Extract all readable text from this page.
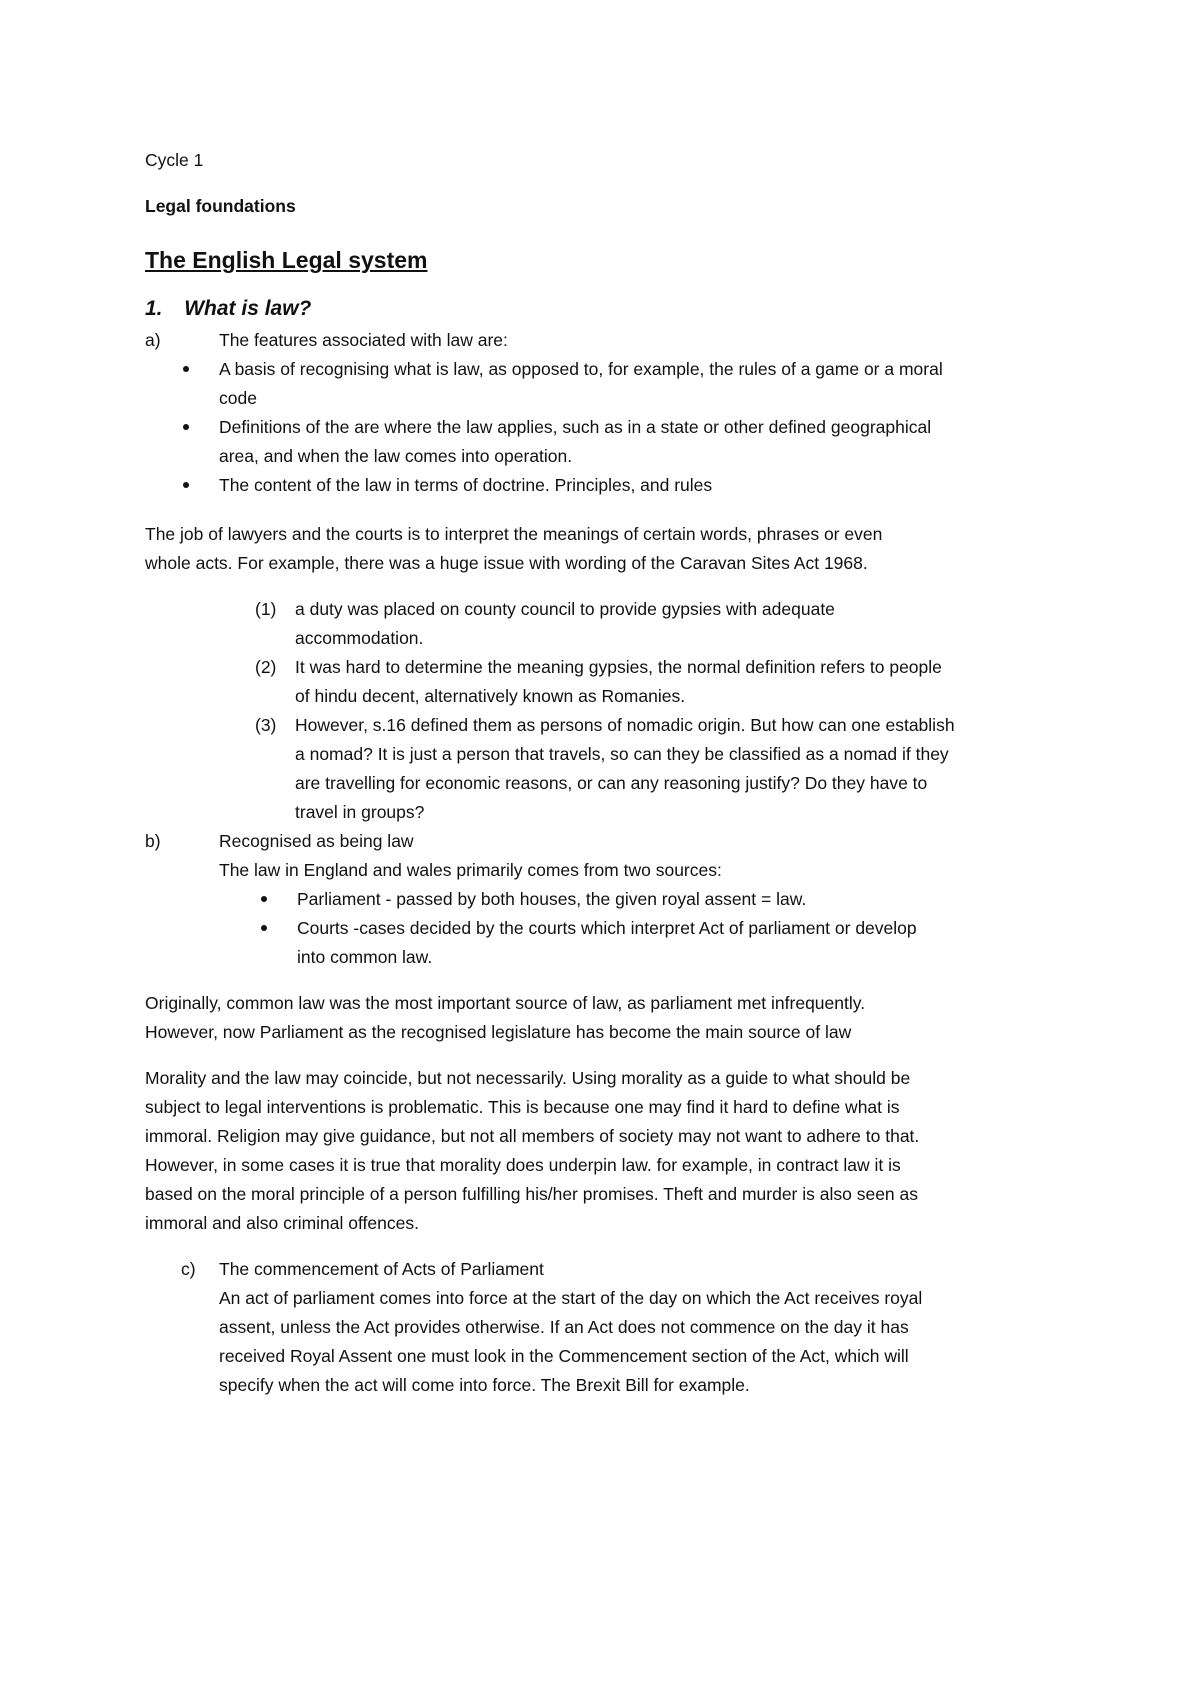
Cycle 1
Legal foundations
The English Legal system
1. What is law?
a)	The features associated with law are:
A basis of recognising what is law, as opposed to, for example, the rules of a game or a moral
code
Definitions of the are where the law applies, such as in a state or other defined geographical
area, and when the law comes into operation.
The content of the law in terms of doctrine. Principles, and rules
The job of lawyers and the courts is to interpret the meanings of certain words, phrases or even
whole acts. For example, there was a huge issue with wording of the Caravan Sites Act 1968.
(1) a duty was placed on county council to provide gypsies with adequate
accommodation.
(2) It was hard to determine the meaning gypsies, the normal definition refers to people
of hindu decent, alternatively known as Romanies.
(3) However, s.16 defined them as persons of nomadic origin. But how can one establish
a nomad? It is just a person that travels, so can they be classified as a nomad if they
are travelling for economic reasons, or can any reasoning justify? Do they have to
travel in groups?
b)	Recognised as being law
The law in England and wales primarily comes from two sources:
Parliament - passed by both houses, the given royal assent = law.
Courts -cases decided by the courts which interpret Act of parliament or develop
into common law.
Originally, common law was the most important source of law, as parliament met infrequently.
However, now Parliament as the recognised legislature has become the main source of law
Morality and the law may coincide, but not necessarily. Using morality as a guide to what should be
subject to legal interventions is problematic. This is because one may find it hard to define what is
immoral. Religion may give guidance, but not all members of society may not want to adhere to that.
However, in some cases it is true that morality does underpin law. for example, in contract law it is
based on the moral principle of a person fulfilling his/her promises. Theft and murder is also seen as
immoral and also criminal offences.
c) The commencement of Acts of Parliament
An act of parliament comes into force at the start of the day on which the Act receives royal
assent, unless the Act provides otherwise. If an Act does not commence on the day it has
received Royal Assent one must look in the Commencement section of the Act, which will
specify when the act will come into force. The Brexit Bill for example.
